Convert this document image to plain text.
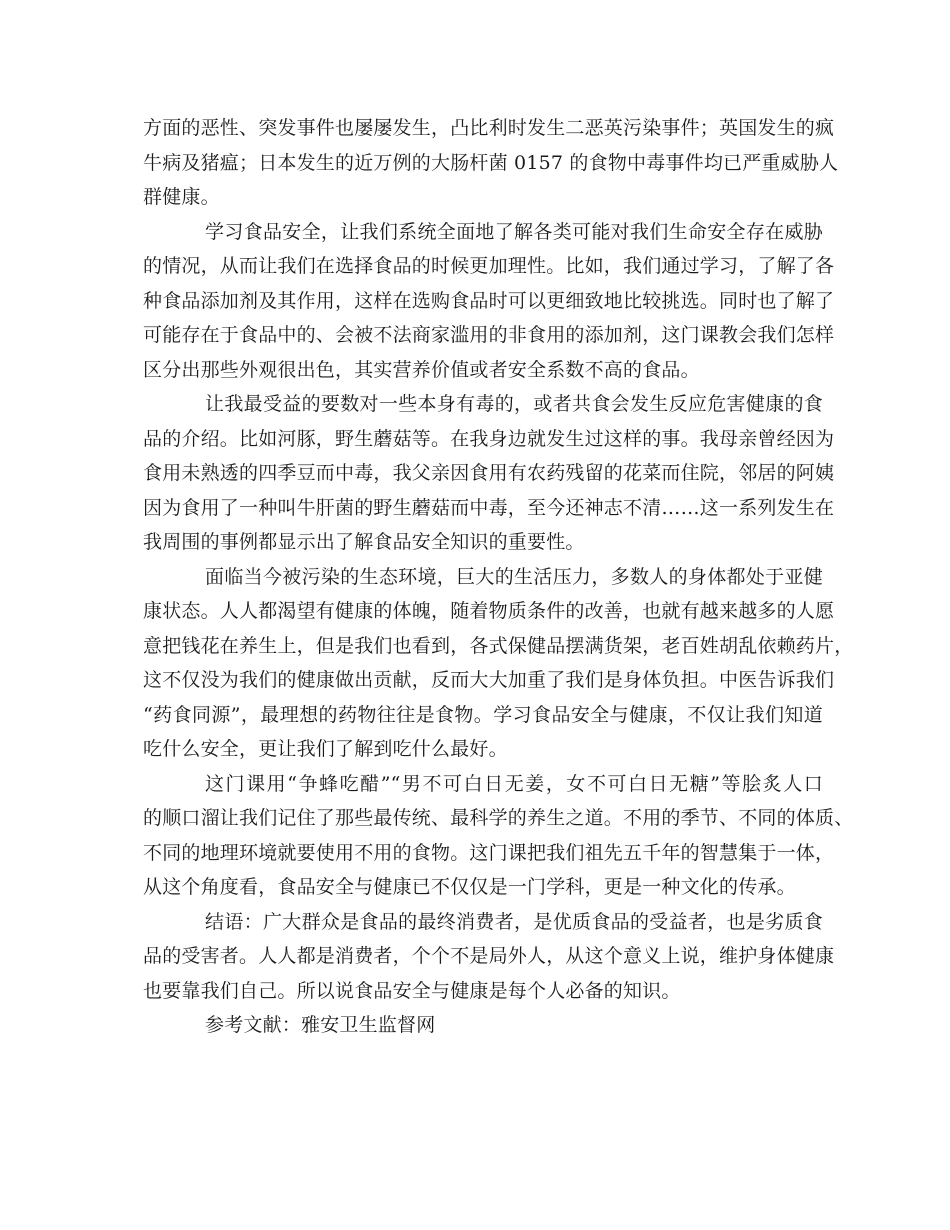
方面的恶性、突发事件也屡屡发生，凸比利时发生二恶英污染事件；英国发生的疯
牛病及猪瘟；日本发生的近万例的大肠杆菌 0157 的食物中毒事件均已严重威胁人
群健康。
学习食品安全，让我们系统全面地了解各类可能对我们生命安全存在威胁
的情况，从而让我们在选择食品的时候更加理性。比如，我们通过学习，了解了各
种食品添加剂及其作用，这样在选购食品时可以更细致地比较挑选。同时也了解了
可能存在于食品中的、会被不法商家滥用的非食用的添加剂，这门课教会我们怎样
区分出那些外观很出色，其实营养价值或者安全系数不高的食品。
让我最受益的要数对一些本身有毒的，或者共食会发生反应危害健康的食
品的介绍。比如河豚，野生蘑菇等。在我身边就发生过这样的事。我母亲曾经因为
食用未熟透的四季豆而中毒，我父亲因食用有农药残留的花菜而住院，邻居的阿姨
因为食用了一种叫牛肝菌的野生蘑菇而中毒，至今还神志不清……这一系列发生在
我周围的事例都显示出了解食品安全知识的重要性。
面临当今被污染的生态环境，巨大的生活压力，多数人的身体都处于亚健
康状态。人人都渴望有健康的体魄，随着物质条件的改善，也就有越来越多的人愿
意把钱花在养生上，但是我们也看到，各式保健品摆满货架，老百姓胡乱依赖药片，
这不仅没为我们的健康做出贡献，反而大大加重了我们是身体负担。中医告诉我们
“药食同源”，最理想的药物往往是食物。学习食品安全与健康，不仅让我们知道
吃什么安全，更让我们了解到吃什么最好。
这门课用“争蜂吃醋”“男不可白日无姜，女不可白日无糖”等脍炙人口
的顺口溜让我们记住了那些最传统、最科学的养生之道。不用的季节、不同的体质、
不同的地理环境就要使用不用的食物。这门课把我们祖先五千年的智慧集于一体，
从这个角度看，食品安全与健康已不仅仅是一门学科，更是一种文化的传承。
结语：广大群众是食品的最终消费者，是优质食品的受益者，也是劣质食
品的受害者。人人都是消费者，个个不是局外人，从这个意义上说，维护身体健康
也要靠我们自己。所以说食品安全与健康是每个人必备的知识。
参考文献：雅安卫生监督网
